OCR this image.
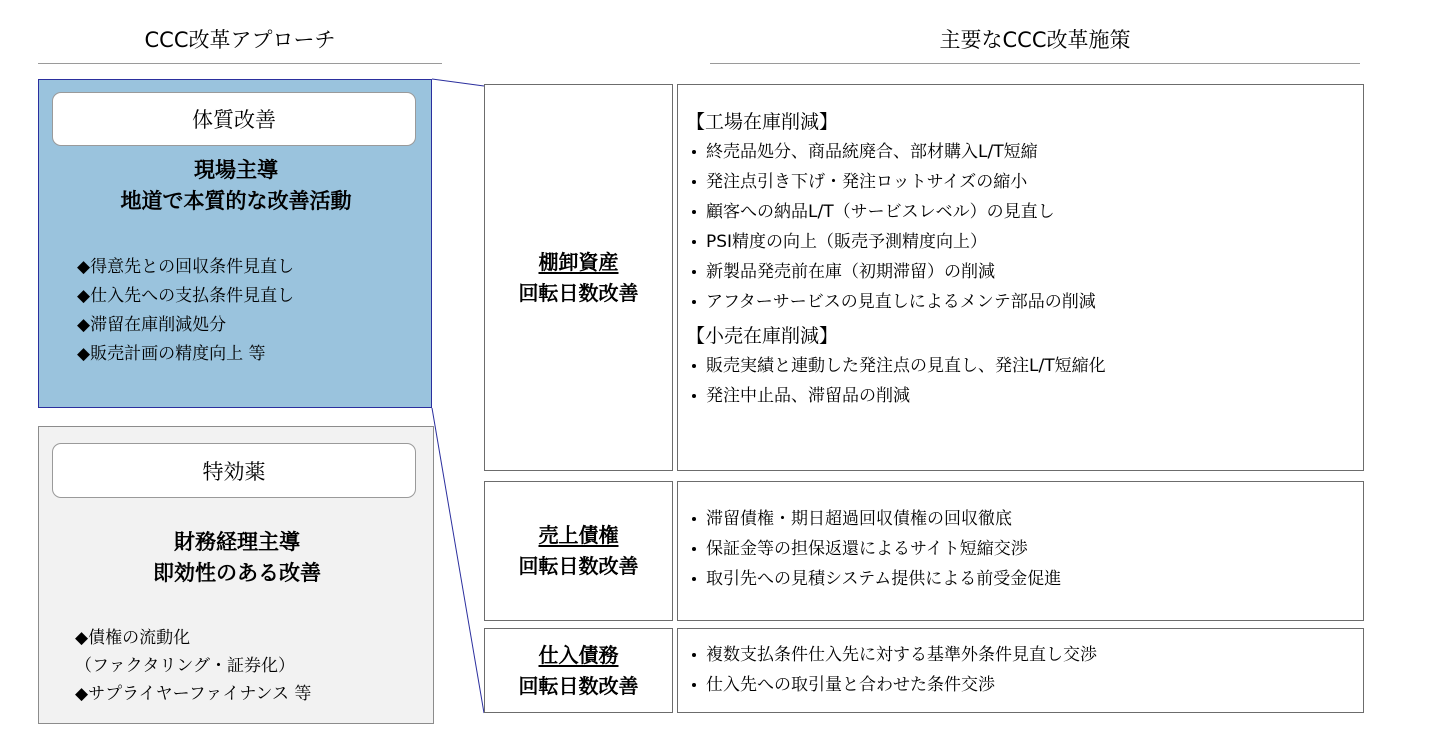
CCC改革アプローチ	主要なCCC改革施策
体質改善
現場主導
地道で本質的な改善活動
◆得意先との回収条件見直し
◆仕入先への支払条件見直し
◆滞留在庫削減処分
◆販売計画の精度向上 等
特効薬
財務経理主導
即効性のある改善
◆債権の流動化
（ファクタリング・証券化）
◆サプライヤーファイナンス 等
棚卸資産
回転日数改善
【工場在庫削減】
終売品処分、商品統廃合、部材購入L/T短縮
発注点引き下げ・発注ロットサイズの縮小
顧客への納品L/T（サービスレベル）の見直し
PSI精度の向上（販売予測精度向上）
新製品発売前在庫（初期滞留）の削減
アフターサービスの見直しによるメンテ部品の削減
【小売在庫削減】
販売実績と連動した発注点の見直し、発注L/T短縮化
発注中止品、滞留品の削減
売上債権
回転日数改善
滞留債権・期日超過回収債権の回収徹底
保証金等の担保返還によるサイト短縮交渉
取引先への見積システム提供による前受金促進
仕入債務
回転日数改善
複数支払条件仕入先に対する基準外条件見直し交渉
仕入先への取引量と合わせた条件交渉
